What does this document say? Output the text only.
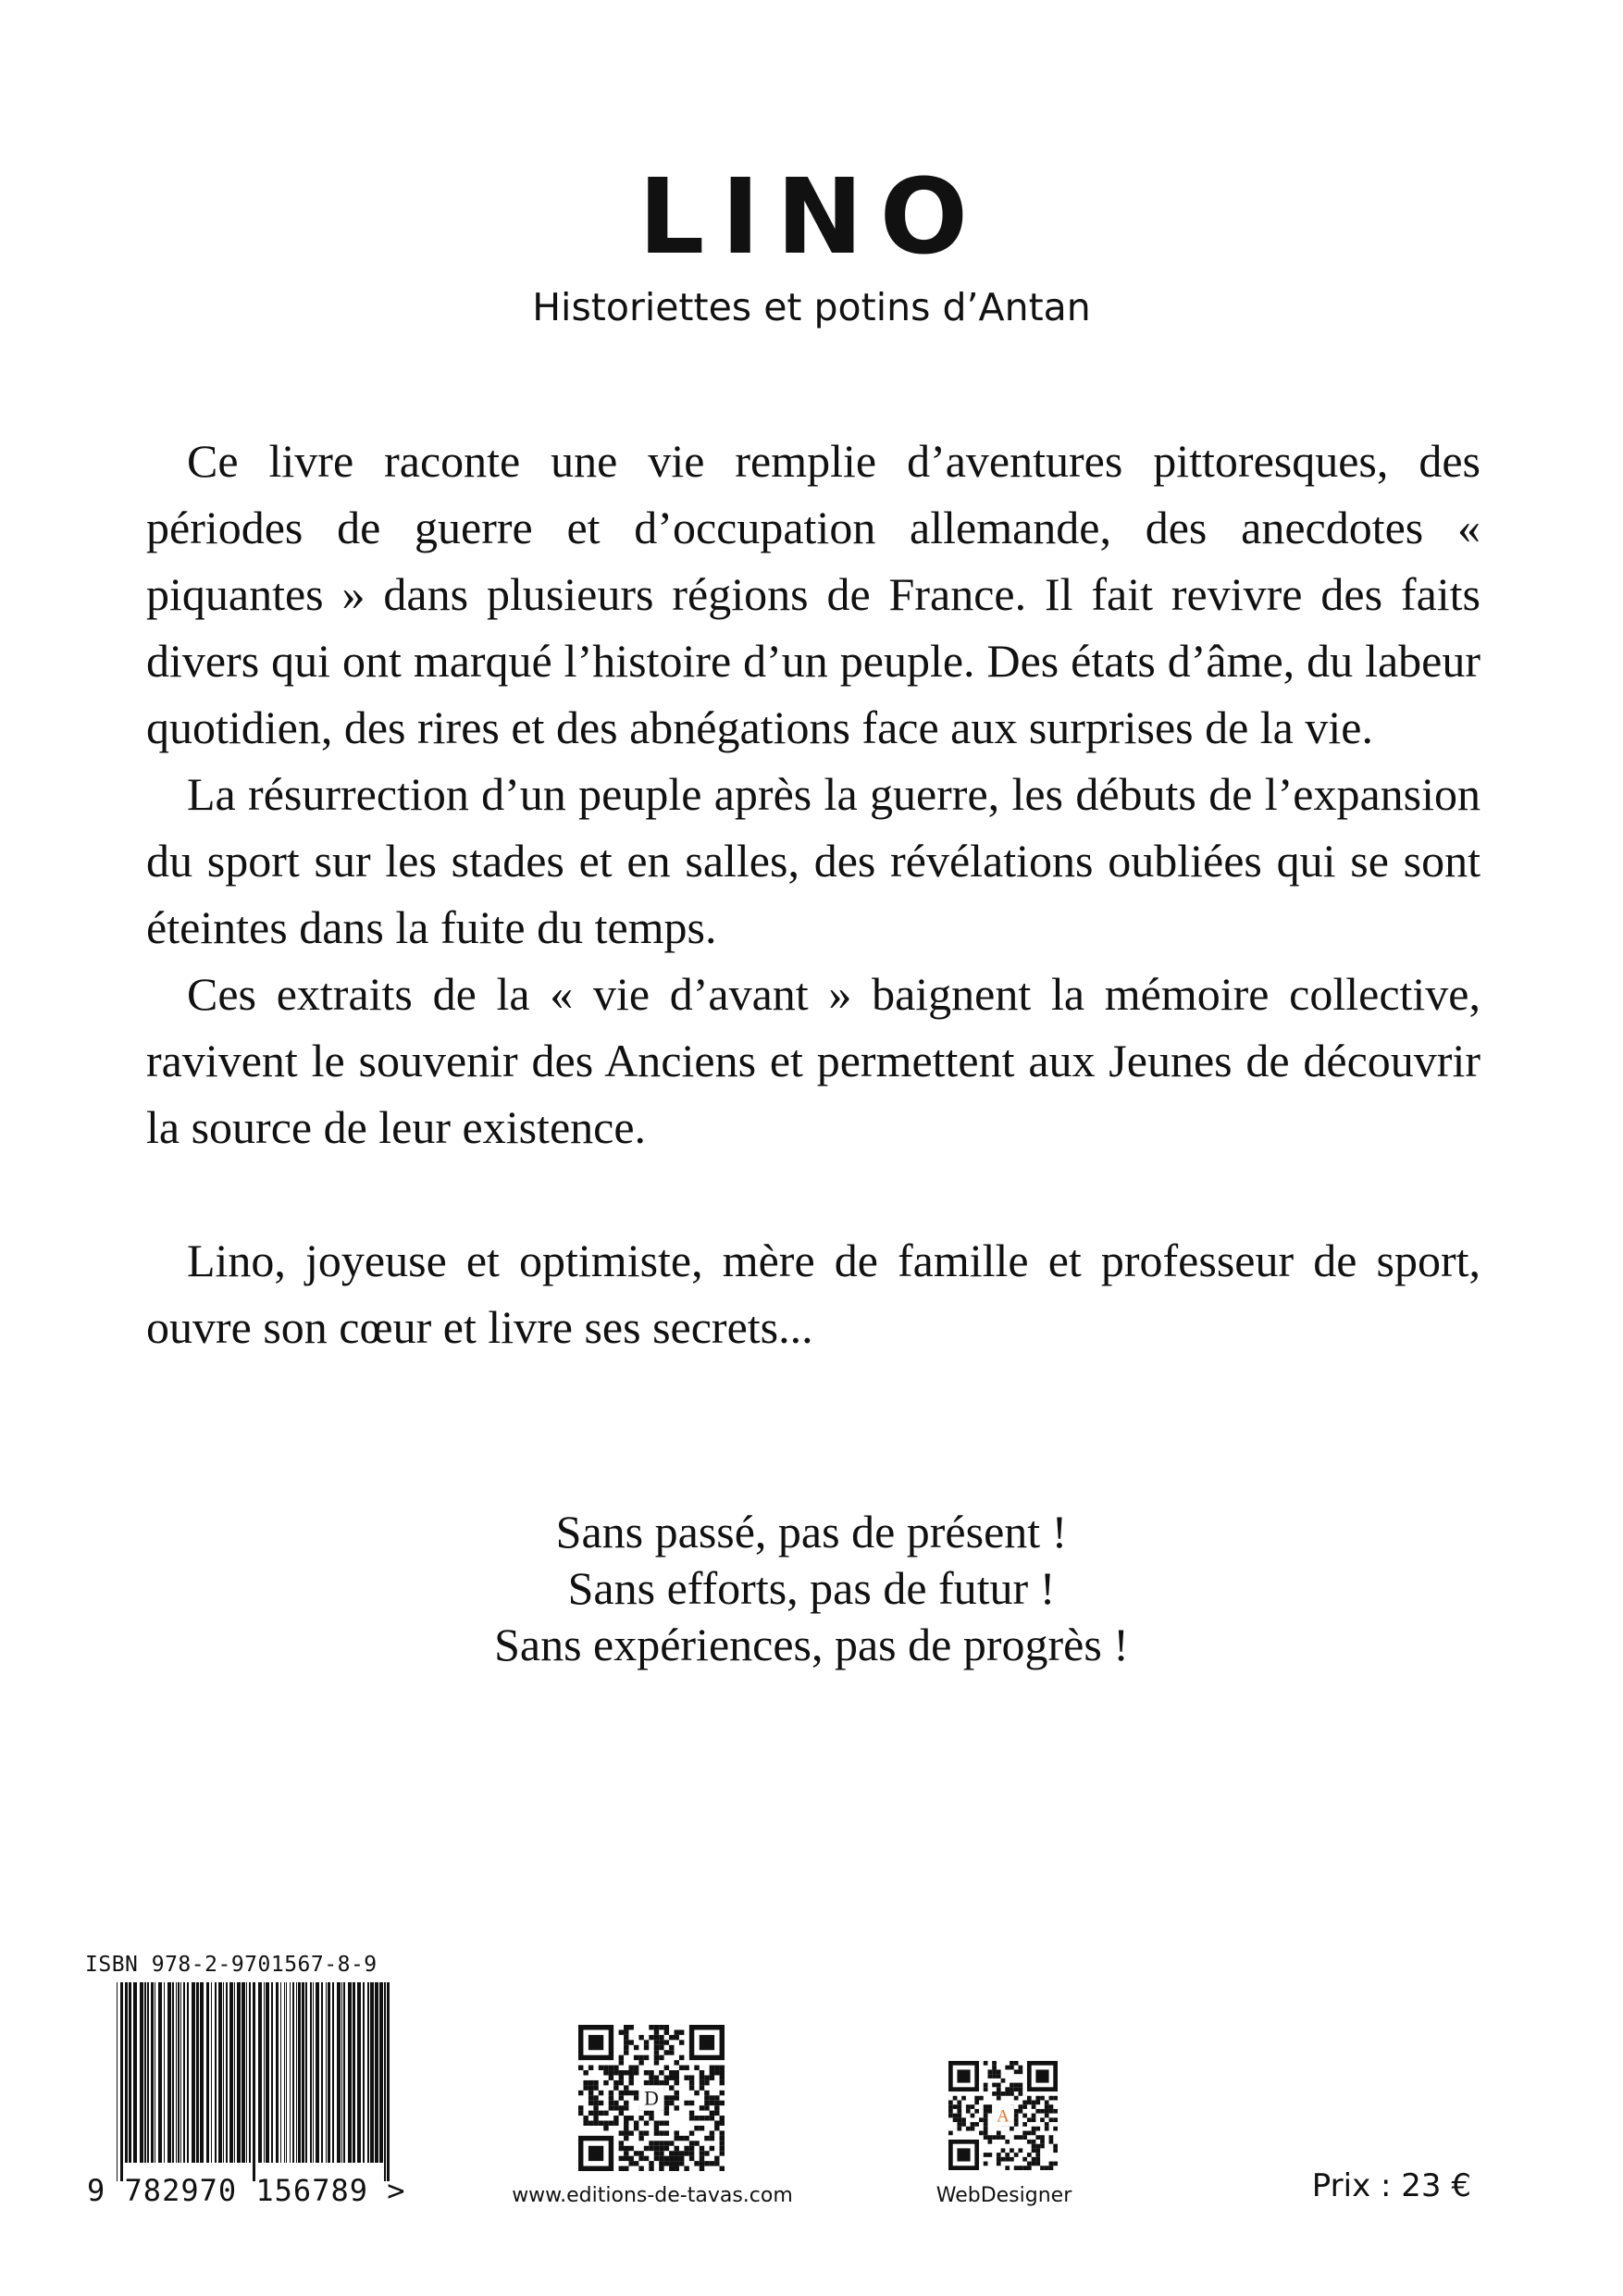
LINO
Historiettes et potins d’Antan

Ce livre raconte une vie remplie d’aventures pittoresques, des périodes de guerre et d’occupation allemande, des anecdotes « piquantes » dans plusieurs régions de France. Il fait revivre des faits divers qui ont marqué l’histoire d’un peuple. Des états d’âme, du labeur quotidien, des rires et des abnégations face aux surprises de la vie.

La résurrection d’un peuple après la guerre, les débuts de l’expansion du sport sur les stades et en salles, des révélations oubliées qui se sont éteintes dans la fuite du temps.

Ces extraits de la « vie d’avant » baignent la mémoire collective, ravivent le souvenir des Anciens et permettent aux Jeunes de découvrir la source de leur existence.

Lino, joyeuse et optimiste, mère de famille et professeur de sport, ouvre son cœur et livre ses secrets...

Sans passé, pas de présent !
Sans efforts, pas de futur !
Sans expériences, pas de progrès !
ISBN 978-2-9701567-8-9
9 782970 156789 >
D
www.editions-de-tavas.com
A
WebDesigner	Prix : 23 €
